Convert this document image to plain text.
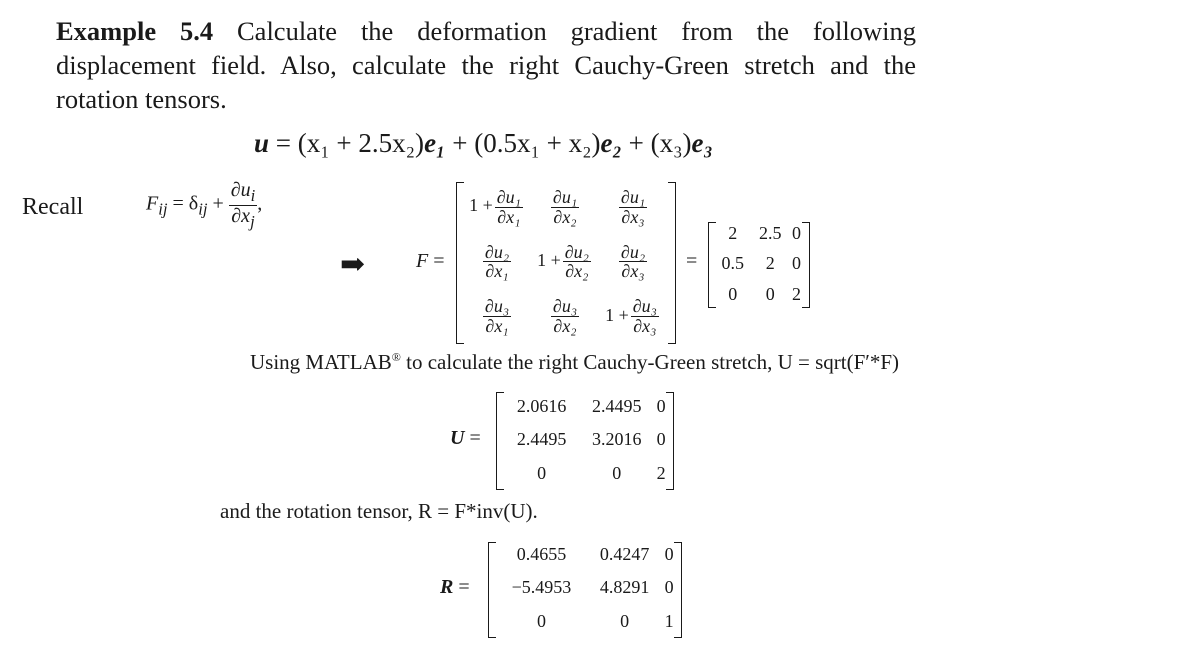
Example 5.4 Calculate the deformation gradient from the following displacement field. Also, calculate the right Cauchy-Green stretch and the rotation tensors.
u = (x₁ + 2.5x₂)e₁ + (0.5x₁ + x₂)e₂ + (x₃)e₃
Recall	$F_{ij} = \delta_{ij} + \frac{\partial u_i}{\partial x_j}$ ,
➡	F =
$1 + \frac{\text{∂u₁}}{\text{∂x₁}}$	$\frac{\text{∂u₁}}{\text{∂x₂}}$	$\frac{\text{∂u₁}}{\text{∂x₃}}$

$\frac{\text{∂u₂}}{\text{∂x₁}}$	$1 + \frac{\text{∂u₂}}{\text{∂x₂}}$	$\frac{\text{∂u₂}}{\text{∂x₃}}$

$\frac{\text{∂u₃}}{\text{∂x₁}}$	$\frac{\text{∂u₃}}{\text{∂x₂}}$	$1 + \frac{\text{∂u₃}}{\text{∂x₃}}$
=
2	2.5	0
0.5	2	0
0	0	2
Using MATLAB® to calculate the right Cauchy-Green stretch, U = sqrt(F′*F)
U =
2.0616	2.4495	0
2.4495	3.2016	0
0	0	2
and the rotation tensor, R = F*inv(U).
R =
0.4655	0.4247	0
−5.4953	4.8291	0
0	0	1
